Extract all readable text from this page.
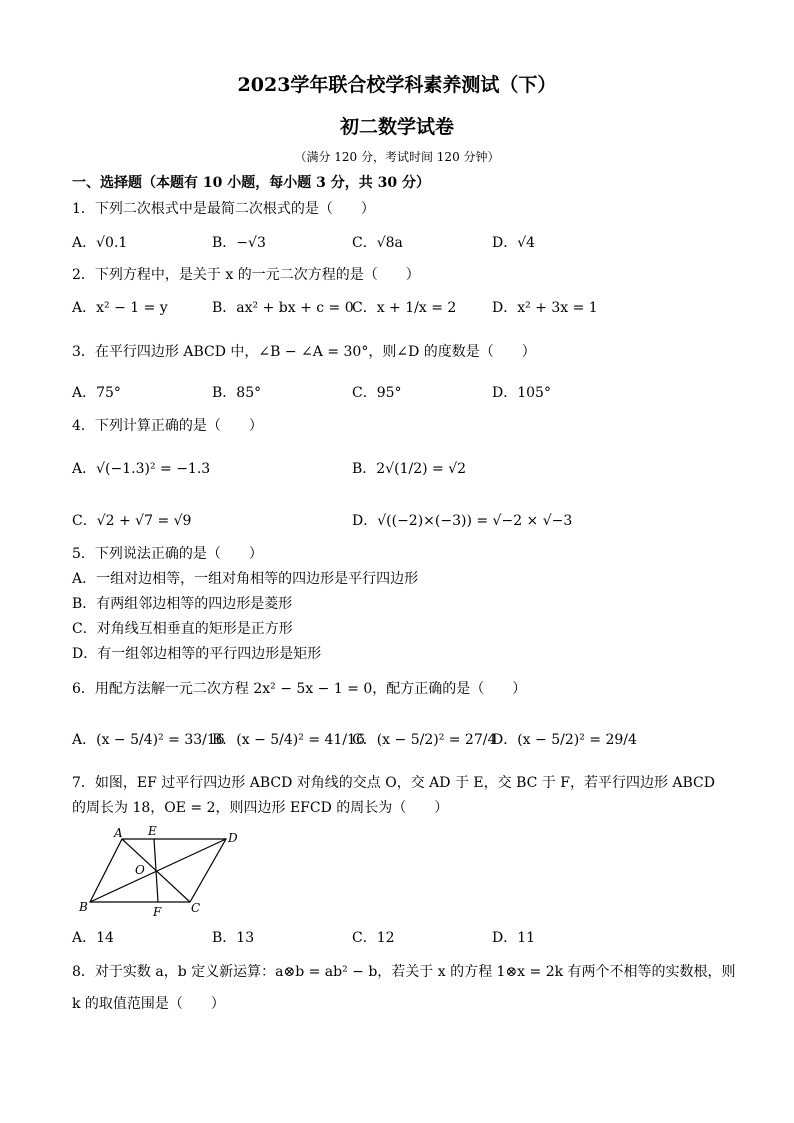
2023学年联合校学科素养测试（下）
初二数学试卷
（满分 120 分，考试时间 120 分钟）
一、选择题（本题有 10 小题，每小题 3 分，共 30 分）
1．下列二次根式中是最简二次根式的是（　　）
A．√0.1	B．−√3	C．√8a	D．√4
2．下列方程中，是关于 x 的一元二次方程的是（　　）
A．x² − 1 = y	B．ax² + bx + c = 0
C．x + 1/x = 2	D．x² + 3x = 1
3．在平行四边形 ABCD 中，∠B − ∠A = 30°，则∠D 的度数是（　　）
A．75°	B．85°	C．95°	D．105°
4．下列计算正确的是（　　）
A．√(−1.3)² = −1.3	B．2√(1/2) = √2
C．√2 + √7 = √9	D．√((−2)×(−3)) = √−2 × √−3
5．下列说法正确的是（　　）
A．一组对边相等，一组对角相等的四边形是平行四边形
B．有两组邻边相等的四边形是菱形
C．对角线互相垂直的矩形是正方形
D．有一组邻边相等的平行四边形是矩形
6．用配方法解一元二次方程 2x² − 5x − 1 = 0，配方正确的是（　　）
A．(x − 5/4)² = 33/16
B．(x − 5/4)² = 41/16
C．(x − 5/2)² = 27/4
D．(x − 5/2)² = 29/4
7．如图，EF 过平行四边形 ABCD 对角线的交点 O，交 AD 于 E，交 BC 于 F，若平行四边形 ABCD
的周长为 18，OE = 2，则四边形 EFCD 的周长为（　　）
A E	D
O
B	F C
A．14	B．13	C．12	D．11
8．对于实数 a，b 定义新运算：a⊗b = ab² − b，若关于 x 的方程 1⊗x = 2k 有两个不相等的实数根，则
k 的取值范围是（　　）
